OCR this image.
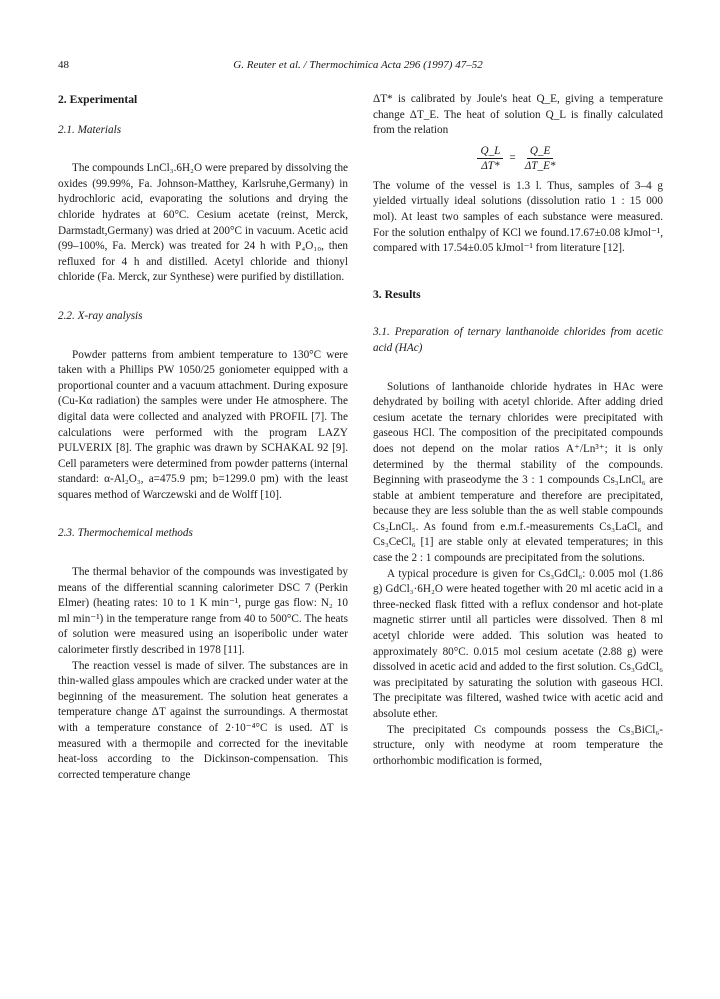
48	G. Reuter et al. / Thermochimica Acta 296 (1997) 47–52

2. Experimental

2.1. Materials

The compounds LnCl₃.6H₂O were prepared by dissolving the oxides (99.99%, Fa. Johnson-Matthey, Karlsruhe,Germany) in hydrochloric acid, evaporating the solutions and drying the chloride hydrates at 60°C. Cesium acetate (reinst, Merck, Darmstadt,Germany) was dried at 200°C in vacuum. Acetic acid (99–100%, Fa. Merck) was treated for 24 h with P₄O₁₀, then refluxed for 4 h and distilled. Acetyl chloride and thionyl chloride (Fa. Merck, zur Synthese) were purified by distillation.

2.2. X-ray analysis

Powder patterns from ambient temperature to 130°C were taken with a Phillips PW 1050/25 goniometer equipped with a proportional counter and a vacuum attachment. During exposure (Cu-Kα radiation) the samples were under He atmosphere. The digital data were collected and analyzed with PROFIL [7]. The calculations were performed with the program LAZY PULVERIX [8]. The graphic was drawn by SCHAKAL 92 [9]. Cell parameters were determined from powder patterns (internal standard: α-Al₂O₃, a=475.9 pm; b=1299.0 pm) with the least squares method of Warczewski and de Wolff [10].

2.3. Thermochemical methods

The thermal behavior of the compounds was investigated by means of the differential scanning calorimeter DSC 7 (Perkin Elmer) (heating rates: 10 to 1 K min⁻¹, purge gas flow: N₂ 10 ml min⁻¹) in the temperature range from 40 to 500°C. The heats of solution were measured using an isoperibolic under water calorimeter firstly described in 1978 [11].

The reaction vessel is made of silver. The substances are in thin-walled glass ampoules which are cracked under water at the beginning of the measurement. The solution heat generates a temperature change ΔT against the surroundings. A thermostat with a temperature constance of 2·10⁻⁴°C is used. ΔT is measured with a thermopile and corrected for the inevitable heat-loss according to the Dickinson-compensation. This corrected temperature change

ΔT* is calibrated by Joule's heat Q_E, giving a temperature change ΔT_E. The heat of solution Q_L is finally calculated from the relation

$\frac{Q\_L}{\Delta T*} = \frac{Q\_E}{\Delta T\_E*}$

The volume of the vessel is 1.3 l. Thus, samples of 3–4 g yielded virtually ideal solutions (dissolution ratio 1 : 15 000 mol). At least two samples of each substance were measured. For the solution enthalpy of KCl we found.17.67±0.08 kJmol⁻¹, compared with 17.54±0.05 kJmol⁻¹ from literature [12].

3. Results

3.1. Preparation of ternary lanthanoide chlorides from acetic acid (HAc)

Solutions of lanthanoide chloride hydrates in HAc were dehydrated by boiling with acetyl chloride. After adding dried cesium acetate the ternary chlorides were precipitated with gaseous HCl. The composition of the precipitated compounds does not depend on the molar ratios A⁺/Ln³⁺; it is only determined by the thermal stability of the compounds. Beginning with praseodyme the 3 : 1 compounds Cs₃LnCl₆ are stable at ambient temperature and therefore are precipitated, because they are less soluble than the as well stable compounds Cs₂LnCl₅. As found from e.m.f.-measurements Cs₃LaCl₆ and Cs₃CeCl₆ [1] are stable only at elevated temperatures; in this case the 2 : 1 compounds are precipitated from the solutions.

A typical procedure is given for Cs₃GdCl₆: 0.005 mol (1.86 g) GdCl₃·6H₂O were heated together with 20 ml acetic acid in a three-necked flask fitted with a reflux condensor and hot-plate magnetic stirrer until all particles were dissolved. Then 8 ml acetyl chloride were added. This solution was heated to approximately 80°C. 0.015 mol cesium acetate (2.88 g) were dissolved in acetic acid and added to the first solution. Cs₃GdCl₆ was precipitated by saturating the solution with gaseous HCl. The precipitate was filtered, washed twice with acetic acid and absolute ether.

The precipitated Cs compounds possess the Cs₃BiCl₆-structure, only with neodyme at room temperature the orthorhombic modification is formed,
